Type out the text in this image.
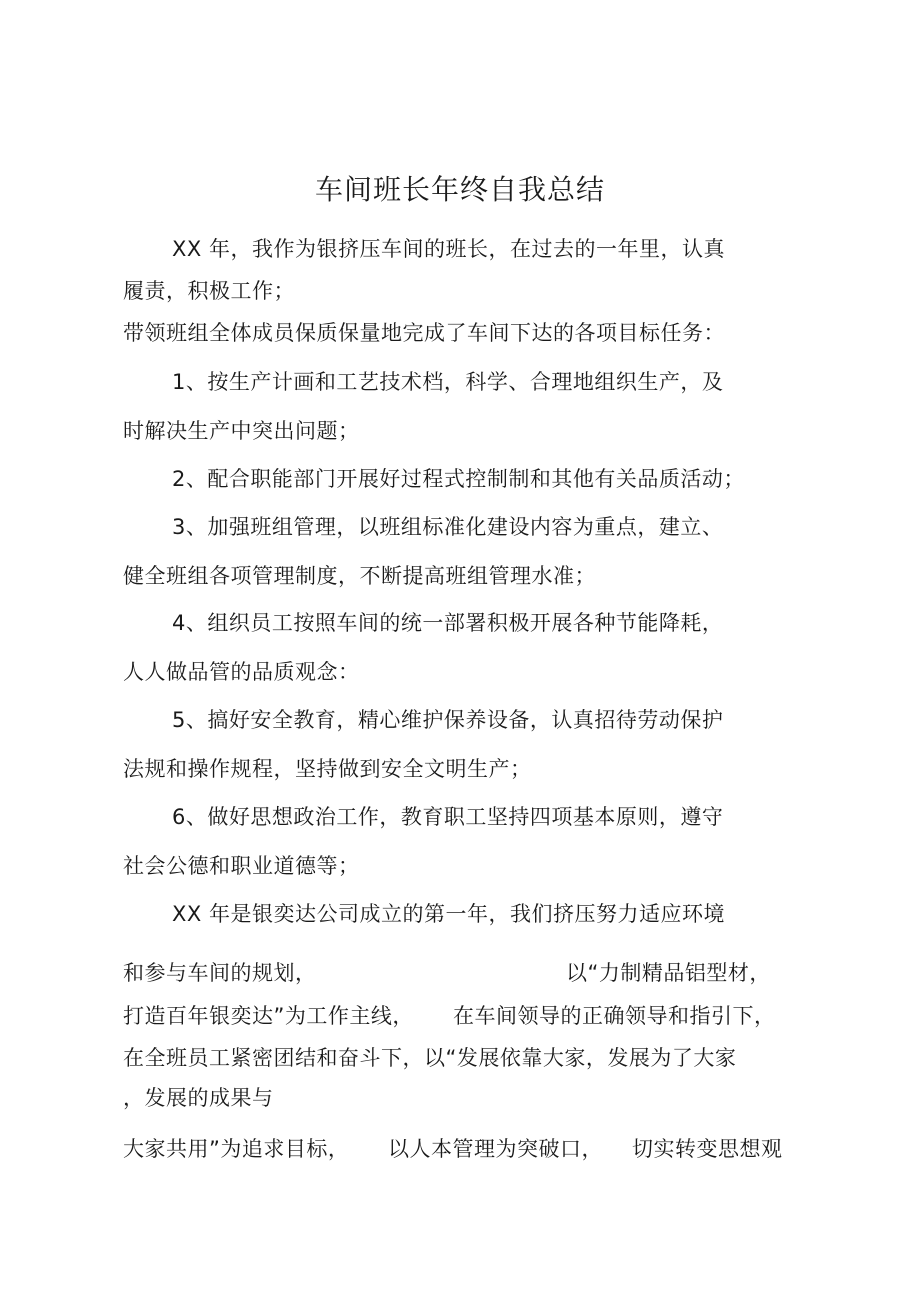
车间班长年终自我总结
XX 年，我作为银挤压车间的班长，在过去的一年里，认真
履责，积极工作；
带领班组全体成员保质保量地完成了车间下达的各项目标任务：
1、按生产计画和工艺技术档，科学、合理地组织生产，及
时解决生产中突出问题；
2、配合职能部门开展好过程式控制制和其他有关品质活动；
3、加强班组管理，以班组标准化建设内容为重点，建立、
健全班组各项管理制度，不断提高班组管理水准；
4、组织员工按照车间的统一部署积极开展各种节能降耗，
人人做品管的品质观念：
5、搞好安全教育，精心维护保养设备，认真招待劳动保护
法规和操作规程，坚持做到安全文明生产；
6、做好思想政治工作，教育职工坚持四项基本原则，遵守
社会公德和职业道德等；
XX 年是银奕达公司成立的第一年，我们挤压努力适应环境
和参与车间的规划，	以“力制精品铝型材，
打造百年银奕达”为工作主线， 在车间领导的正确领导和指引下，
在全班员工紧密团结和奋斗下，以“发展依靠大家，发展为了大家
，发展的成果与
大家共用”为追求目标， 以人本管理为突破口， 切实转变思想观
